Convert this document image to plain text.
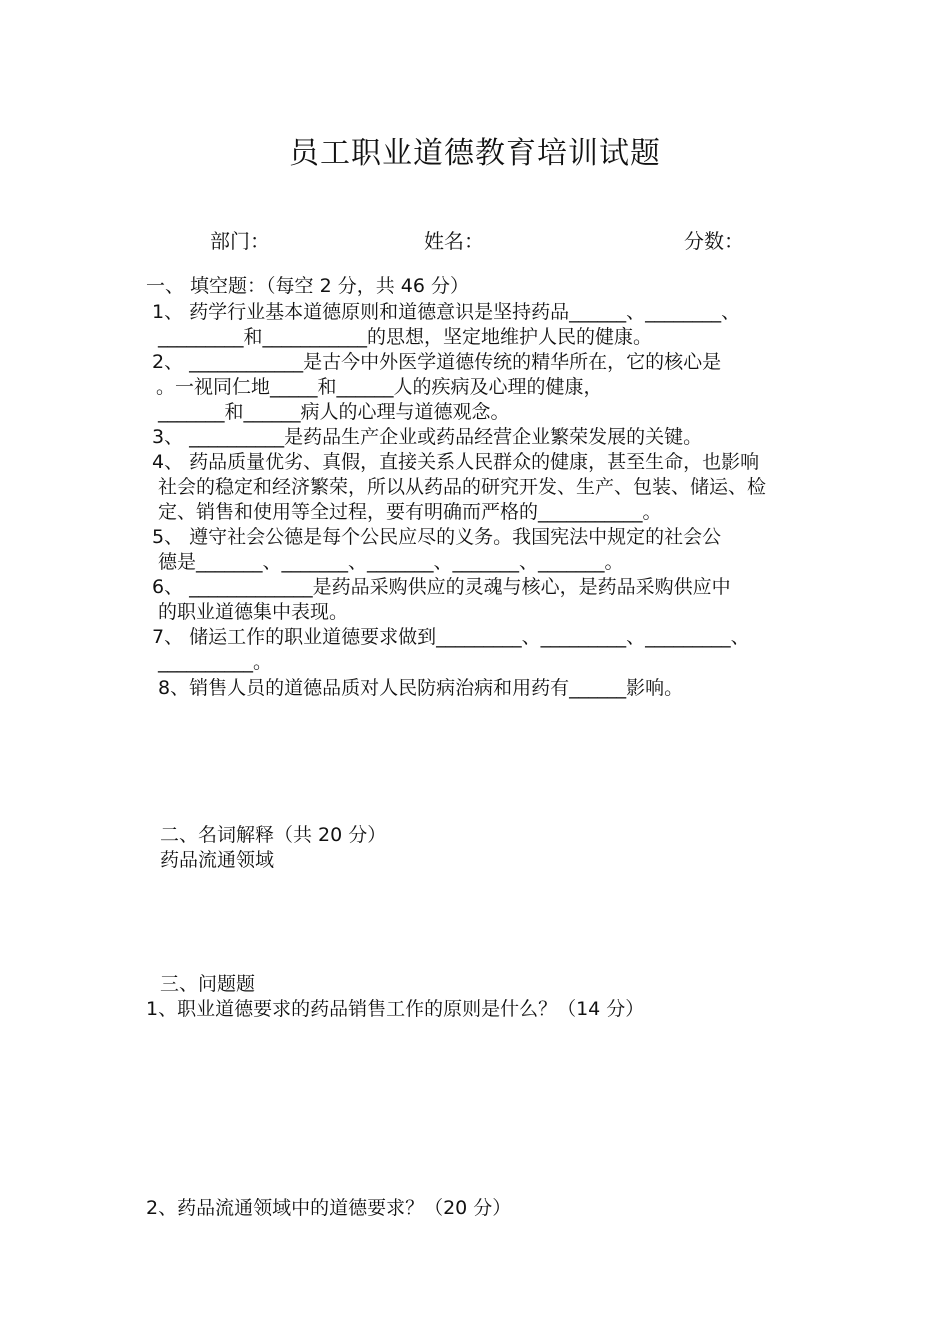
员工职业道德教育培训试题
部门：	姓名：	分数：
一、 填空题：（每空 2 分，共 46 分）
1、 药学行业基本道德原则和道德意识是坚持药品______、________、
_________和___________的思想，坚定地维护人民的健康。
2、 ____________是古今中外医学道德传统的精华所在，它的核心是
。一视同仁地_____和______人的疾病及心理的健康，
_______和______病人的心理与道德观念。
3、 __________是药品生产企业或药品经营企业繁荣发展的关键。
4、 药品质量优劣、真假，直接关系人民群众的健康，甚至生命，也影响
社会的稳定和经济繁荣，所以从药品的研究开发、生产、包装、储运、检
定、销售和使用等全过程，要有明确而严格的___________。
5、 遵守社会公德是每个公民应尽的义务。我国宪法中规定的社会公
德是_______、_______、_______、_______、_______。
6、 _____________是药品采购供应的灵魂与核心，是药品采购供应中
的职业道德集中表现。
7、 储运工作的职业道德要求做到_________、_________、_________、
__________。
8、销售人员的道德品质对人民防病治病和用药有______影响。
二、名词解释（共 20 分）
药品流通领域
三、问题题
1、职业道德要求的药品销售工作的原则是什么？（14 分）
2、药品流通领域中的道德要求？（20 分）
